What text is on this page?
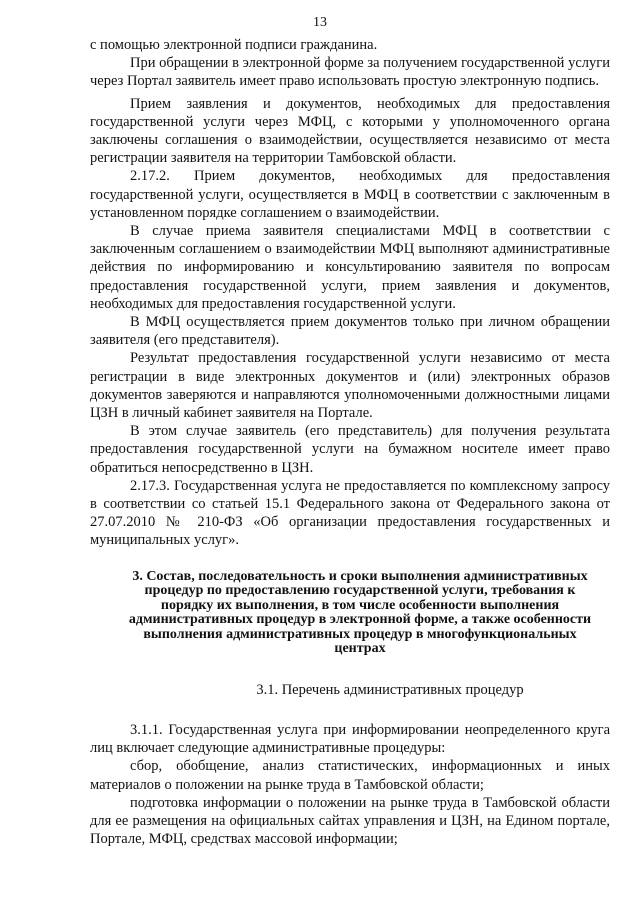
13

с помощью электронной подписи гражданина.

При обращении в электронной форме за получением государственной услуги через Портал заявитель имеет право использовать простую электронную подпись.

Прием заявления и документов, необходимых для предоставления государственной услуги через МФЦ, с которыми у уполномоченного органа заключены соглашения о взаимодействии, осуществляется независимо от места регистрации заявителя на территории Тамбовской области.

2.17.2. Прием документов, необходимых для предоставления государственной услуги, осуществляется в МФЦ в соответствии с заключенным в установленном порядке соглашением о взаимодействии.

В случае приема заявителя специалистами МФЦ в соответствии с заключенным соглашением о взаимодействии МФЦ выполняют административные действия по информированию и консультированию заявителя по вопросам предоставления государственной услуги, прием заявления и документов, необходимых для предоставления государственной услуги.

В МФЦ осуществляется прием документов только при личном обращении заявителя (его представителя).

Результат предоставления государственной услуги независимо от места регистрации в виде электронных документов и (или) электронных образов документов заверяются и направляются уполномоченными должностными лицами ЦЗН в личный кабинет заявителя на Портале.

В этом случае заявитель (его представитель) для получения результата предоставления государственной услуги на бумажном носителе имеет право обратиться непосредственно в ЦЗН.

2.17.3. Государственная услуга не предоставляется по комплексному запросу в соответствии со статьей 15.1 Федерального закона от Федерального закона от 27.07.2010 № 210-ФЗ «Об организации предоставления государственных и муниципальных услуг».

3. Состав, последовательность и сроки выполнения административных процедур по предоставлению государственной услуги, требования к порядку их выполнения, в том числе особенности выполнения административных процедур в электронной форме, а также особенности выполнения административных процедур в многофункциональных центрах
3.1. Перечень административных процедур

3.1.1. Государственная услуга при информировании неопределенного круга лиц включает следующие административные процедуры:

сбор, обобщение, анализ статистических, информационных и иных материалов о положении на рынке труда в Тамбовской области;

подготовка информации о положении на рынке труда в Тамбовской области для ее размещения на официальных сайтах управления и ЦЗН, на Едином портале, Портале, МФЦ, средствах массовой информации;
